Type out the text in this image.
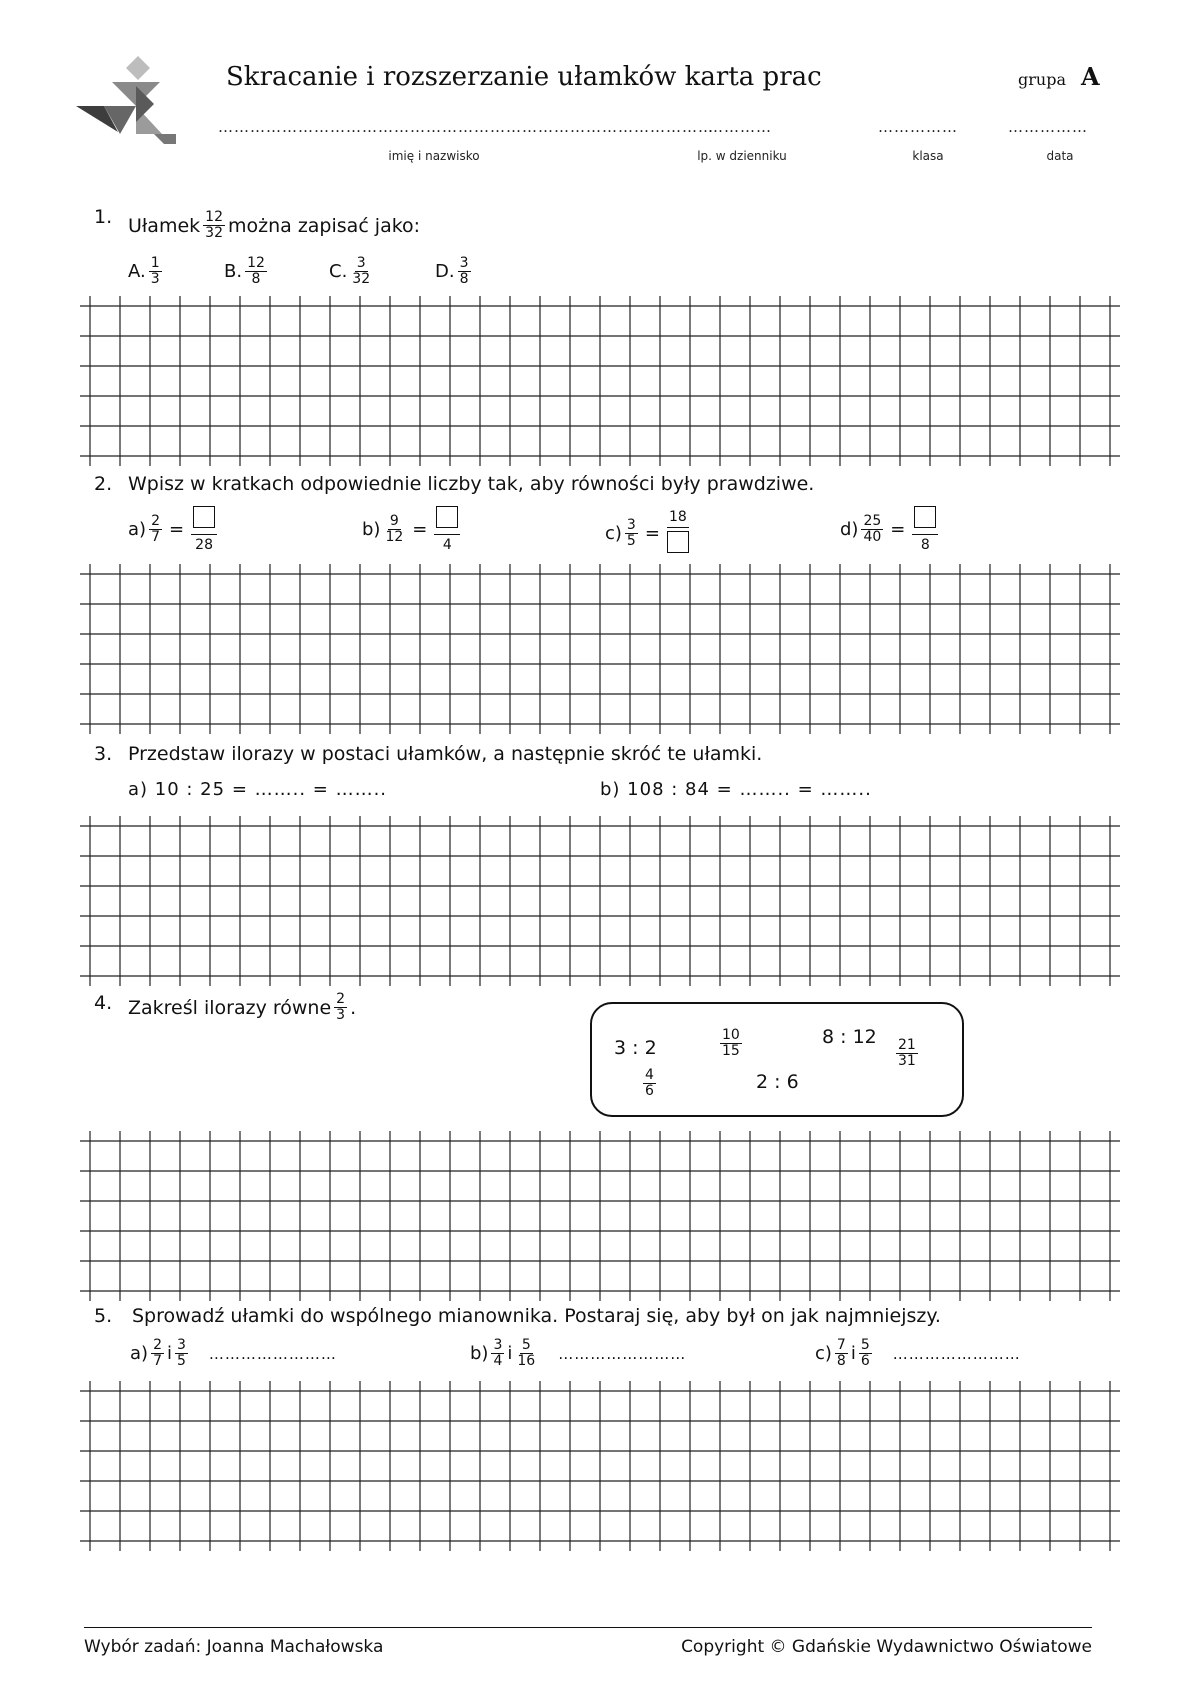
Skracanie i rozszerzanie ułamków karta prac	grupa A
…………………………………………………………………………………
…………	……………	……………
imię i nazwisko	lp. w dzienniku	klasa	data
1. Ułamek $\frac{12}{32}$ można zapisać jako:
A. $\frac{1}{3}$	B. $\frac{12}{8}$	C. $\frac{3}{32}$	D. $\frac{3}{8}$
2. Wpisz w kratkach odpowiednie liczby tak, aby równości były prawdziwe.
$a) \frac{2}{7}$ =
28
$b) \frac{9}{12}$ =
4
$c) \frac{3}{5}$ =
18
$d) \frac{25}{40}$ =
8
3. Przedstaw ilorazy w postaci ułamków, a następnie skróć te ułamki.
a) 10 : 25 = …….. = ……..	b) 108 : 84 = …….. = ……..
4. Zakreśl ilorazy równe $\frac{2}{3}$ .
3 : 2	$\frac{10}{15}$	8 : 12
$\frac{21}{31}$
$\frac{4}{6}$	2 : 6
5. Sprowadź ułamki do wspólnego mianownika. Postaraj się, aby był on jak najmniejszy.
$a) \frac{2}{7}$ i $\frac{3}{5}$ ……………………	$b) \frac{3}{4}$ i $\frac{5}{16}$ ……………………	$c) \frac{7}{8}$ i $\frac{5}{6}$ ……………………
Wybór zadań: Joanna Machałowska	Copyright © Gdańskie Wydawnictwo Oświatowe
